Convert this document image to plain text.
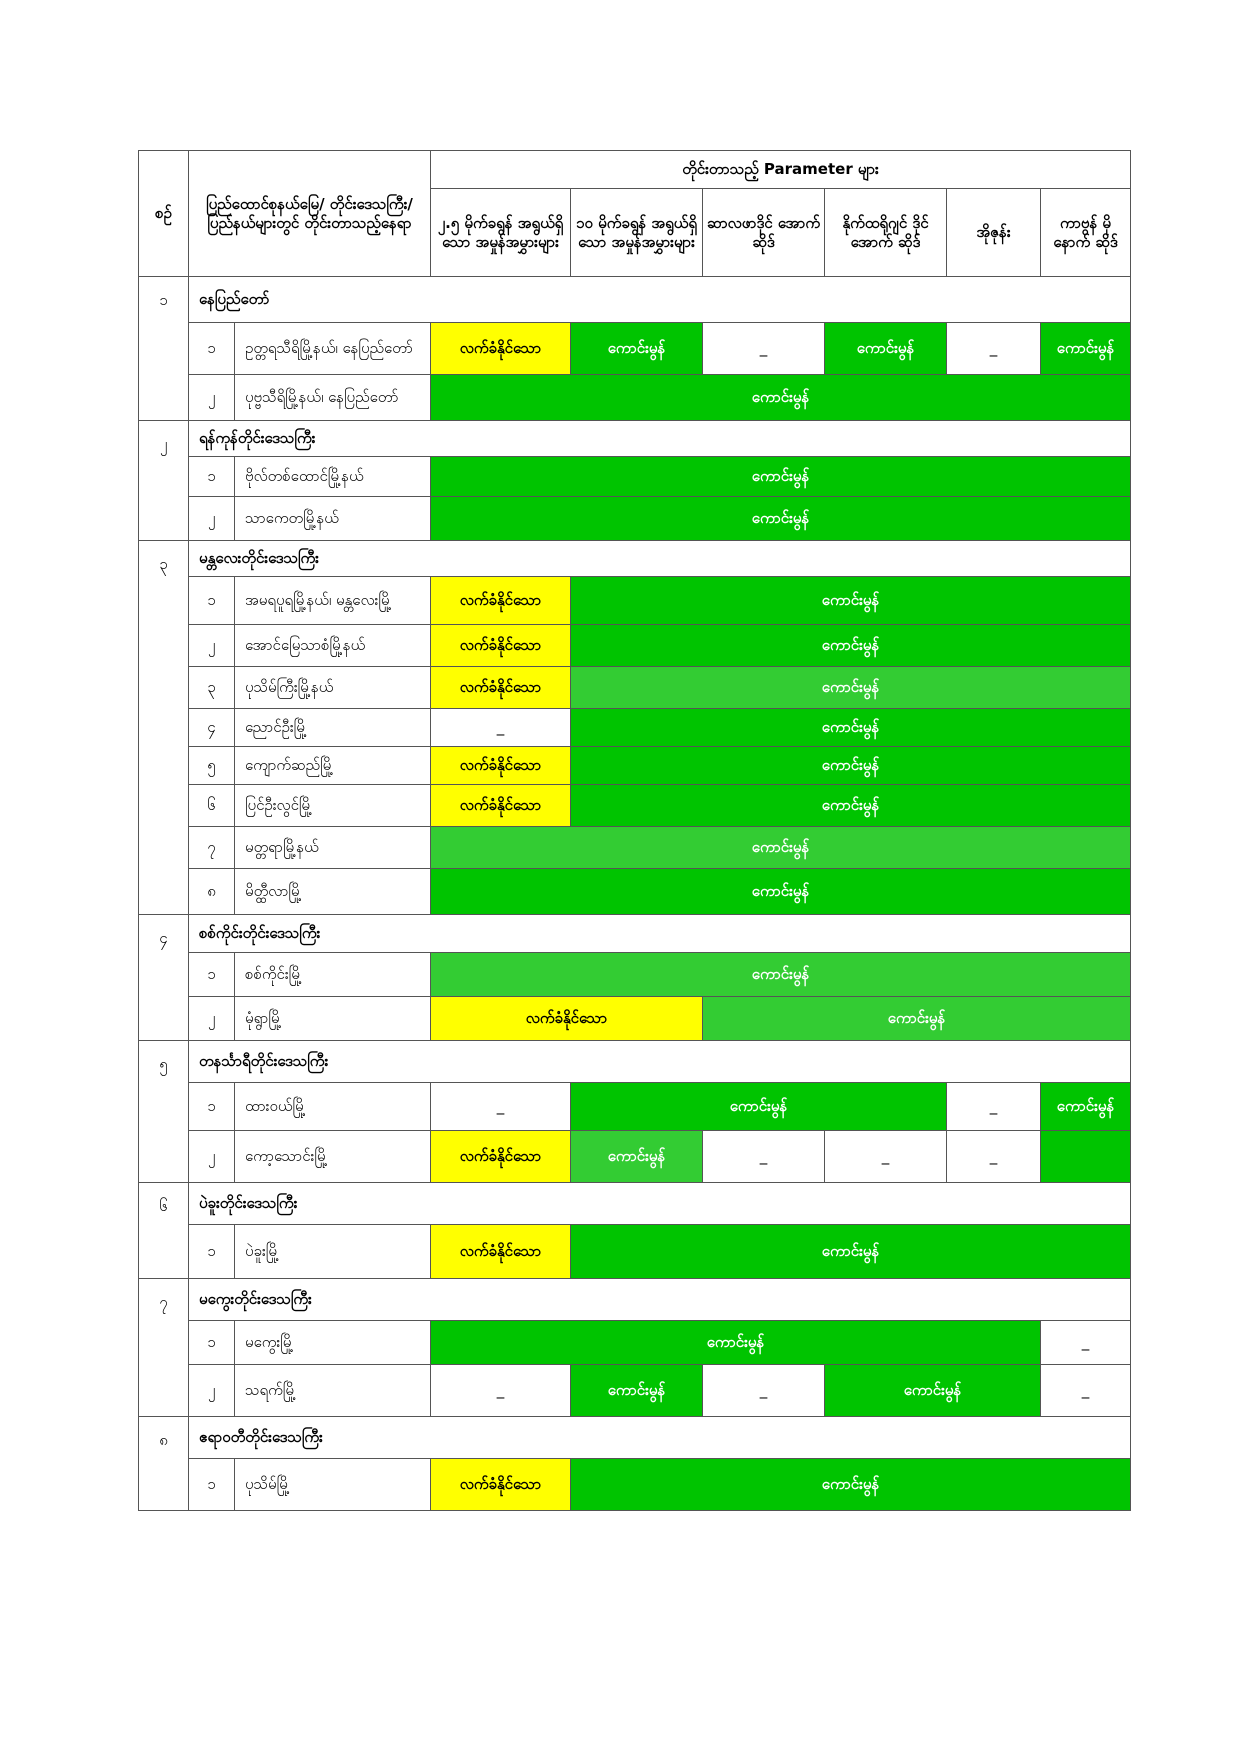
စဉ်	ပြည်ထောင်စုနယ်မြေ/ တိုင်းဒေသကြီး/ ပြည်နယ်များတွင် တိုင်းတာသည့်နေရာ		တိုင်းတာသည့် Parameter များ					
			၂.၅ မိုက်ခရွန် အရွယ်ရှိသော အမှုန်အမွှားများ	၁၀ မိုက်ခရွန် အရွယ်ရှိသော အမှုန်အမွှားများ	ဆာလဖာဒိုင် အောက်ဆိုဒ်	နိုက်ထရိုဂျင် ဒိုင်အောက် ဆိုဒ်	အိုဇုန်း	ကာဗွန် မိုနောက် ဆိုဒ်
၁	နေပြည်တော်							
	၁	ဥတ္တရသီရိမြို့နယ်၊ နေပြည်တော်	လက်ခံနိုင်သော	ကောင်းမွန်	_	ကောင်းမွန်	_	ကောင်းမွန်
	၂	ပုဗ္ဗသီရိမြို့နယ်၊ နေပြည်တော်	ကောင်းမွန်					
၂	ရန်ကုန်တိုင်းဒေသကြီး							
	၁	ဗိုလ်တစ်ထောင်မြို့နယ်	ကောင်းမွန်					
	၂	သာကေတမြို့နယ်	ကောင်းမွန်					
၃	မန္တလေးတိုင်းဒေသကြီး							
	၁	အမရပူရမြို့နယ်၊ မန္တလေးမြို့	လက်ခံနိုင်သော	ကောင်းမွန်				
	၂	အောင်မြေသာစံမြို့နယ်	လက်ခံနိုင်သော	ကောင်းမွန်				
	၃	ပုသိမ်ကြီးမြို့နယ်	လက်ခံနိုင်သော	ကောင်းမွန်				
	၄	ညောင်ဦးမြို့	_	ကောင်းမွန်				
	၅	ကျောက်ဆည်မြို့	လက်ခံနိုင်သော	ကောင်းမွန်				
	၆	ပြင်ဦးလွင်မြို့	လက်ခံနိုင်သော	ကောင်းမွန်				
	၇	မတ္တရာမြို့နယ်	ကောင်းမွန်					
	၈	မိတ္ထီလာမြို့	ကောင်းမွန်					
၄	စစ်ကိုင်းတိုင်းဒေသကြီး							
	၁	စစ်ကိုင်းမြို့	ကောင်းမွန်					
	၂	မုံရွာမြို့	လက်ခံနိုင်သော		ကောင်းမွန်			
၅	တနင်္သာရီတိုင်းဒေသကြီး							
	၁	ထားဝယ်မြို့	_	ကောင်းမွန်			_	ကောင်းမွန်
	၂	ကော့သောင်းမြို့	လက်ခံနိုင်သော	ကောင်းမွန်	_	_	_	
၆	ပဲခူးတိုင်းဒေသကြီး							
	၁	ပဲခူးမြို့	လက်ခံနိုင်သော	ကောင်းမွန်				
၇	မကွေးတိုင်းဒေသကြီး							
	၁	မကွေးမြို့	ကောင်းမွန်					_
	၂	သရက်မြို့	_	ကောင်းမွန်	_	ကောင်းမွန်		_
၈	ဧရာဝတီတိုင်းဒေသကြီး							
	၁	ပုသိမ်မြို့	လက်ခံနိုင်သော	ကောင်းမွန်				
